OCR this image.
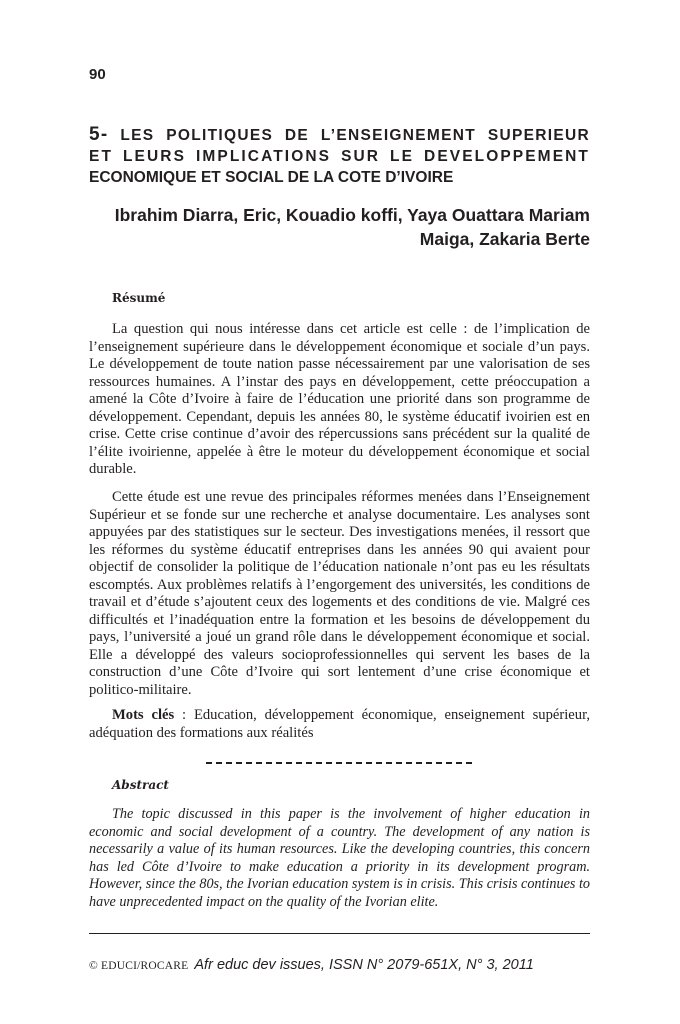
90
5- LES POLITIQUES DE L’ENSEIGNEMENT SUPERIEUR
ET LEURS IMPLICATIONS SUR LE DEVELOPPEMENT
ECONOMIQUE ET SOCIAL DE LA COTE D’IVOIRE
Ibrahim Diarra, Eric, Kouadio koffi, Yaya Ouattara Mariam
Maiga, Zakaria Berte
Résumé

La question qui nous intéresse dans cet article est celle : de l’implication de l’enseignement supérieure dans le développement économique et sociale d’un pays. Le développement de toute nation passe nécessairement par une valorisation de ses ressources humaines. A l’instar des pays en développement, cette préoccupation a amené la Côte d’Ivoire à faire de l’éducation une priorité dans son programme de développement. Cependant, depuis les années 80, le système éducatif ivoirien est en crise. Cette crise continue d’avoir des répercussions sans précédent sur la qualité de l’élite ivoirienne, appelée à être le moteur du développement économique et social durable.

Cette étude est une revue des principales réformes menées dans l’Enseignement Supérieur et se fonde sur une recherche et analyse documentaire. Les analyses sont appuyées par des statistiques sur le secteur. Des investigations menées, il ressort que les réformes du système éducatif entreprises dans les années 90 qui avaient pour objectif de consolider la politique de l’éducation nationale n’ont pas eu les résultats escomptés. Aux problèmes relatifs à l’engorgement des universités, les conditions de travail et d’étude s’ajoutent ceux des logements et des conditions de vie. Malgré ces difficultés et l’inadéquation entre la formation et les besoins de développement du pays, l’université a joué un grand rôle dans le développement économique et social. Elle a développé des valeurs socioprofessionnelles qui servent les bases de la construction d’une Côte d’Ivoire qui sort lentement d’une crise économique et politico-militaire.

Mots clés : Education, développement économique, enseignement supérieur, adéquation des formations aux réalités

Abstract

The topic discussed in this paper is the involvement of higher education in economic and social development of a country. The development of any nation is necessarily a value of its human resources. Like the developing countries, this concern has led Côte d’Ivoire to make education a priority in its development program. However, since the 80s, the Ivorian education system is in crisis. This crisis continues to have unprecedented impact on the quality of the Ivorian elite.

© EDUCI/ROCARE Afr educ dev issues, ISSN N° 2079-651X, N° 3, 2011
